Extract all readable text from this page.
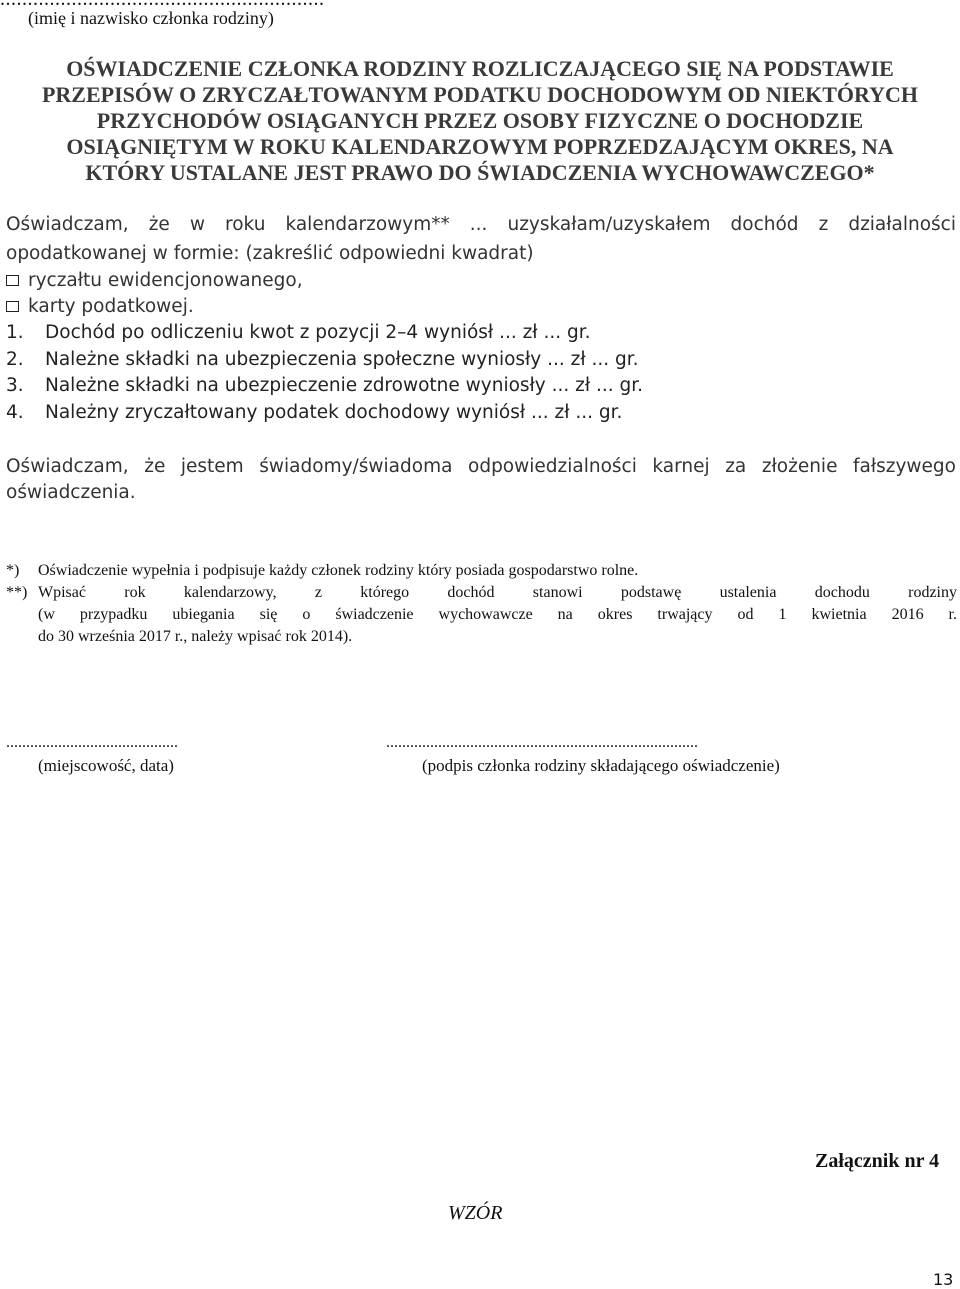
(imię i nazwisko członka rodziny)
OŚWIADCZENIE CZŁONKA RODZINY ROZLICZAJĄCEGO SIĘ NA PODSTAWIE
PRZEPISÓW O ZRYCZAŁTOWANYM PODATKU DOCHODOWYM OD NIEKTÓRYCH
PRZYCHODÓW OSIĄGANYCH PRZEZ OSOBY FIZYCZNE O DOCHODZIE
OSIĄGNIĘTYM W ROKU KALENDARZOWYM POPRZEDZAJĄCYM OKRES, NA
KTÓRY USTALANE JEST PRAWO DO ŚWIADCZENIA WYCHOWAWCZEGO*
Oświadczam, że w roku kalendarzowym** ... uzyskałam/uzyskałem dochód z działalności
opodatkowanej w formie: (zakreślić odpowiedni kwadrat)
ryczałtu ewidencjonowanego,
karty podatkowej.
1. Dochód po odliczeniu kwot z pozycji 2–4 wyniósł ... zł ... gr.
2. Należne składki na ubezpieczenia społeczne wyniosły ... zł ... gr.
3. Należne składki na ubezpieczenie zdrowotne wyniosły ... zł ... gr.
4. Należny zryczałtowany podatek dochodowy wyniósł ... zł ... gr.
Oświadczam, że jestem świadomy/świadoma odpowiedzialności karnej za złożenie fałszywego
oświadczenia.
*) Oświadczenie wypełnia i podpisuje każdy członek rodziny który posiada gospodarstwo rolne.
**) Wpisać rok kalendarzowy, z którego dochód stanowi podstawę ustalenia dochodu rodziny
(w przypadku ubiegania się o świadczenie wychowawcze na okres trwający od 1 kwietnia 2016 r.
do 30 września 2017 r., należy wpisać rok 2014).
...........................................	..............................................................................
(miejscowość, data)	(podpis członka rodziny składającego oświadczenie)
Załącznik nr 4
WZÓR
13
